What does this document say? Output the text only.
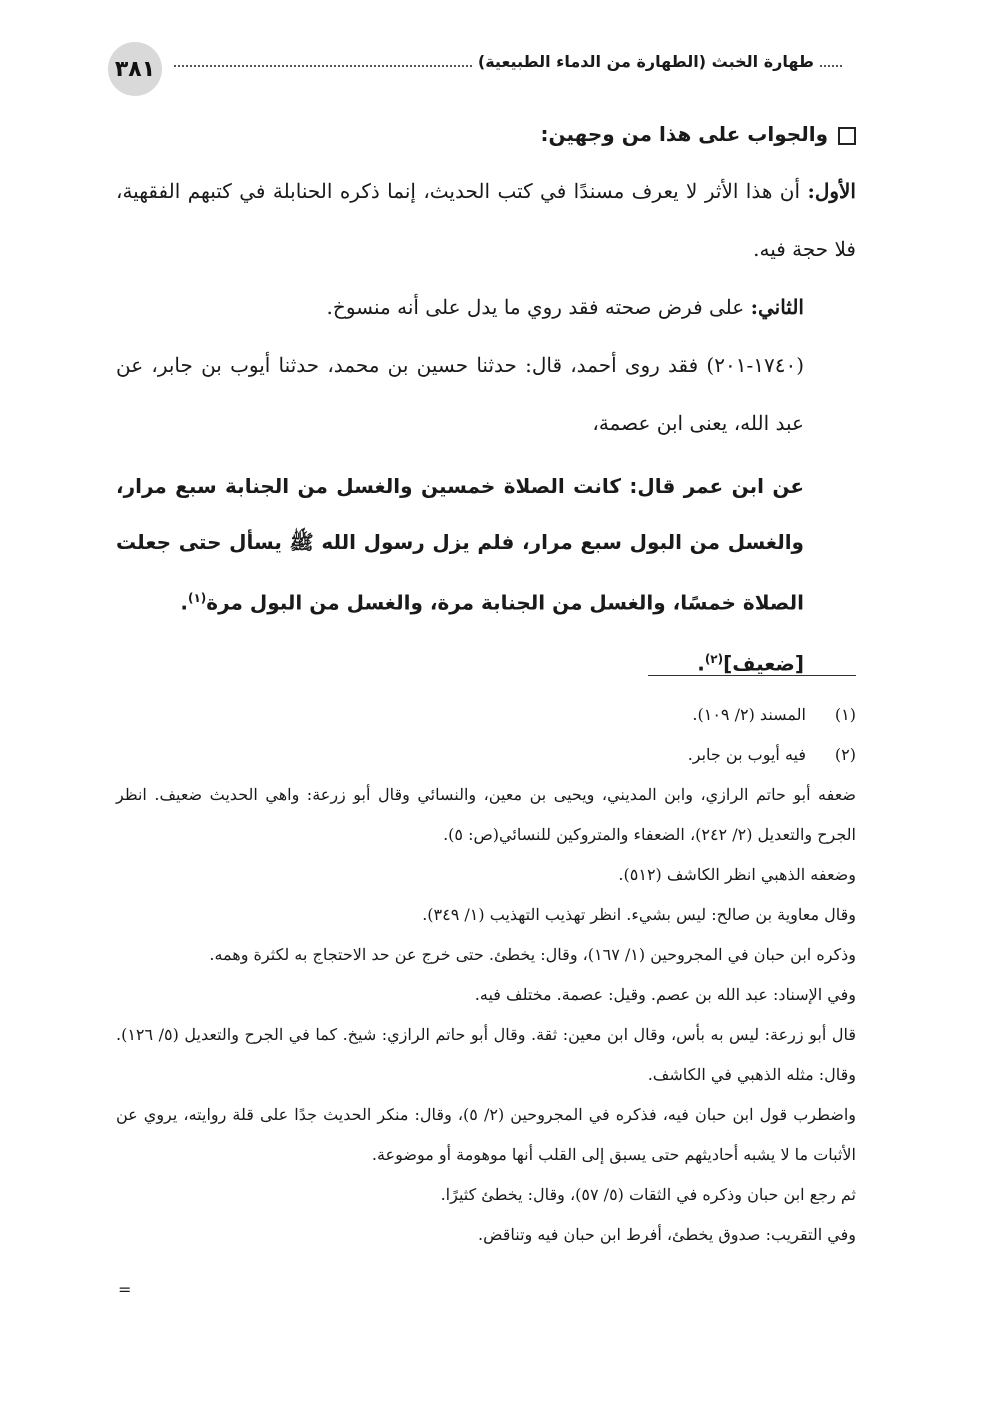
٣٨١	طهارة الخبث (الطهارة من الدماء الطبيعية)

والجواب على هذا من وجهين:

الأول: أن هذا الأثر لا يعرف مسندًا في كتب الحديث، إنما ذكره الحنابلة في كتبهم الفقهية، فلا حجة فيه.

الثاني: على فرض صحته فقد روي ما يدل على أنه منسوخ.

(١٧٤٠-٢٠١) فقد روى أحمد، قال: حدثنا حسين بن محمد، حدثنا أيوب بن جابر، عن عبد الله، يعنى ابن عصمة،

عن ابن عمر قال: كانت الصلاة خمسين والغسل من الجنابة سبع مرار، والغسل من البول سبع مرار، فلم يزل رسول الله ﷺ يسأل حتى جعلت الصلاة خمسًا، والغسل من الجنابة مرة، والغسل من البول مرة$^{(١)}$.

[ضعيف]$^{(٢)}$.

(١)
المسند (٢/ ١٠٩).
(٢)
فيه أيوب بن جابر.

ضعفه أبو حاتم الرازي، وابن المديني، ويحيى بن معين، والنسائي وقال أبو زرعة: واهي الحديث ضعيف. انظر الجرح والتعديل (٢/ ٢٤٢)، الضعفاء والمتروكين للنسائي(ص: ٥).

وضعفه الذهبي انظر الكاشف (٥١٢).

وقال معاوية بن صالح: ليس بشيء. انظر تهذيب التهذيب (١/ ٣٤٩).

وذكره ابن حبان في المجروحين (١/ ١٦٧)، وقال: يخطئ. حتى خرج عن حد الاحتجاج به لكثرة وهمه.

وفي الإسناد: عبد الله بن عصم. وقيل: عصمة. مختلف فيه.

قال أبو زرعة: ليس به بأس، وقال ابن معين: ثقة. وقال أبو حاتم الرازي: شيخ. كما في الجرح والتعديل (٥/ ١٢٦). وقال: مثله الذهبي في الكاشف.

واضطرب قول ابن حبان فيه، فذكره في المجروحين (٢/ ٥)، وقال: منكر الحديث جدًا على قلة روايته، يروي عن الأثبات ما لا يشبه أحاديثهم حتى يسبق إلى القلب أنها موهومة أو موضوعة.

ثم رجع ابن حبان وذكره في الثقات (٥/ ٥٧)، وقال: يخطئ كثيرًا.

وفي التقريب: صدوق يخطئ، أفرط ابن حبان فيه وتناقض.

=
